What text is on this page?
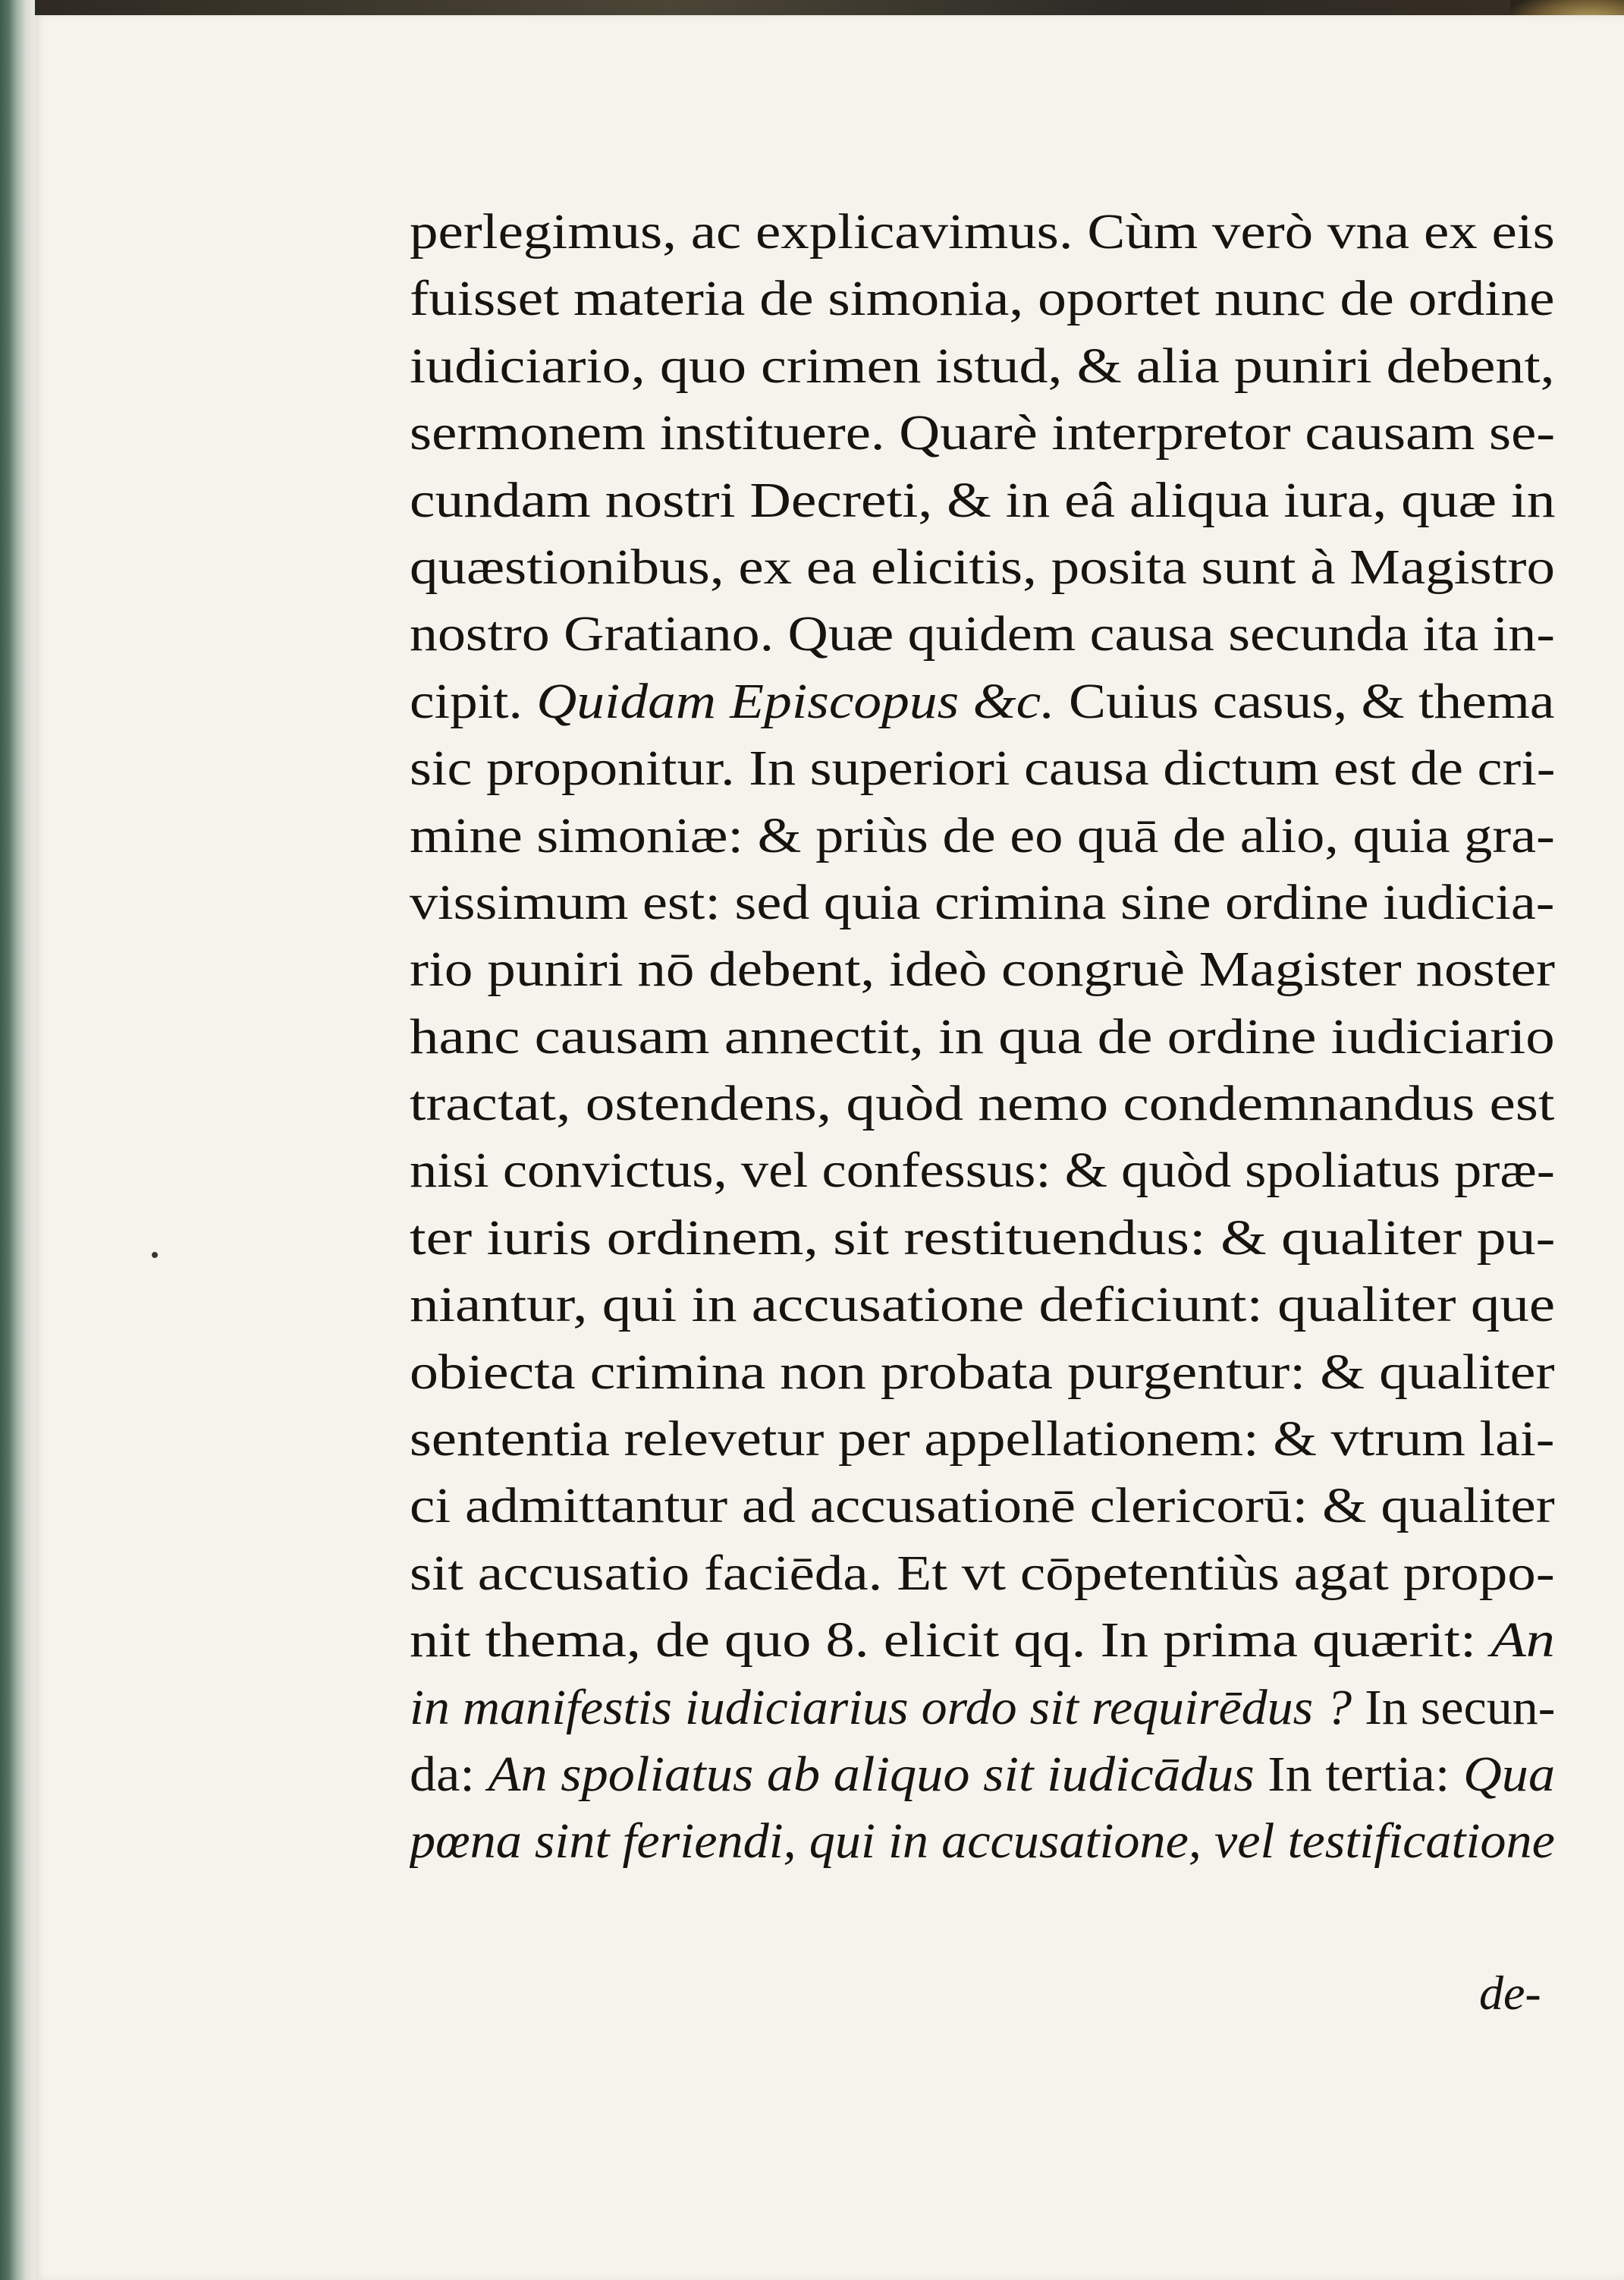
perlegimus, ac explicavimus. Cùm verò vna ex eis
fuisset materia de simonia, oportet nunc de ordine
iudiciario, quo crimen istud, & alia puniri debent,
sermonem instituere. Quarè interpretor causam se-
cundam nostri Decreti, & in eâ aliqua iura, quæ in
quæstionibus, ex ea elicitis, posita sunt à Magistro
nostro Gratiano. Quæ quidem causa secunda ita in-
cipit. Quidam Episcopus &c. Cuius casus, & thema
sic proponitur. In superiori causa dictum est de cri-
mine simoniæ: & priùs de eo quā de alio, quia gra-
vissimum est: sed quia crimina sine ordine iudicia-
rio puniri nō debent, ideò congruè Magister noster
hanc causam annectit, in qua de ordine iudiciario
tractat, ostendens, quòd nemo condemnandus est
nisi convictus, vel confessus: & quòd spoliatus præ-
ter iuris ordinem, sit restituendus: & qualiter pu-
niantur, qui in accusatione deficiunt: qualiter que
obiecta crimina non probata purgentur: & qualiter
sententia relevetur per appellationem: & vtrum lai-
ci admittantur ad accusationē clericorū: & qualiter
sit accusatio faciēda. Et vt cōpetentiùs agat propo-
nit thema, de quo 8. elicit qq. In prima quærit: An
in manifestis iudiciarius ordo sit requirēdus ? In secun-
da: An spoliatus ab aliquo sit iudicādus In tertia: Qua
pœna sint feriendi, qui in accusatione, vel testificatione
de-
